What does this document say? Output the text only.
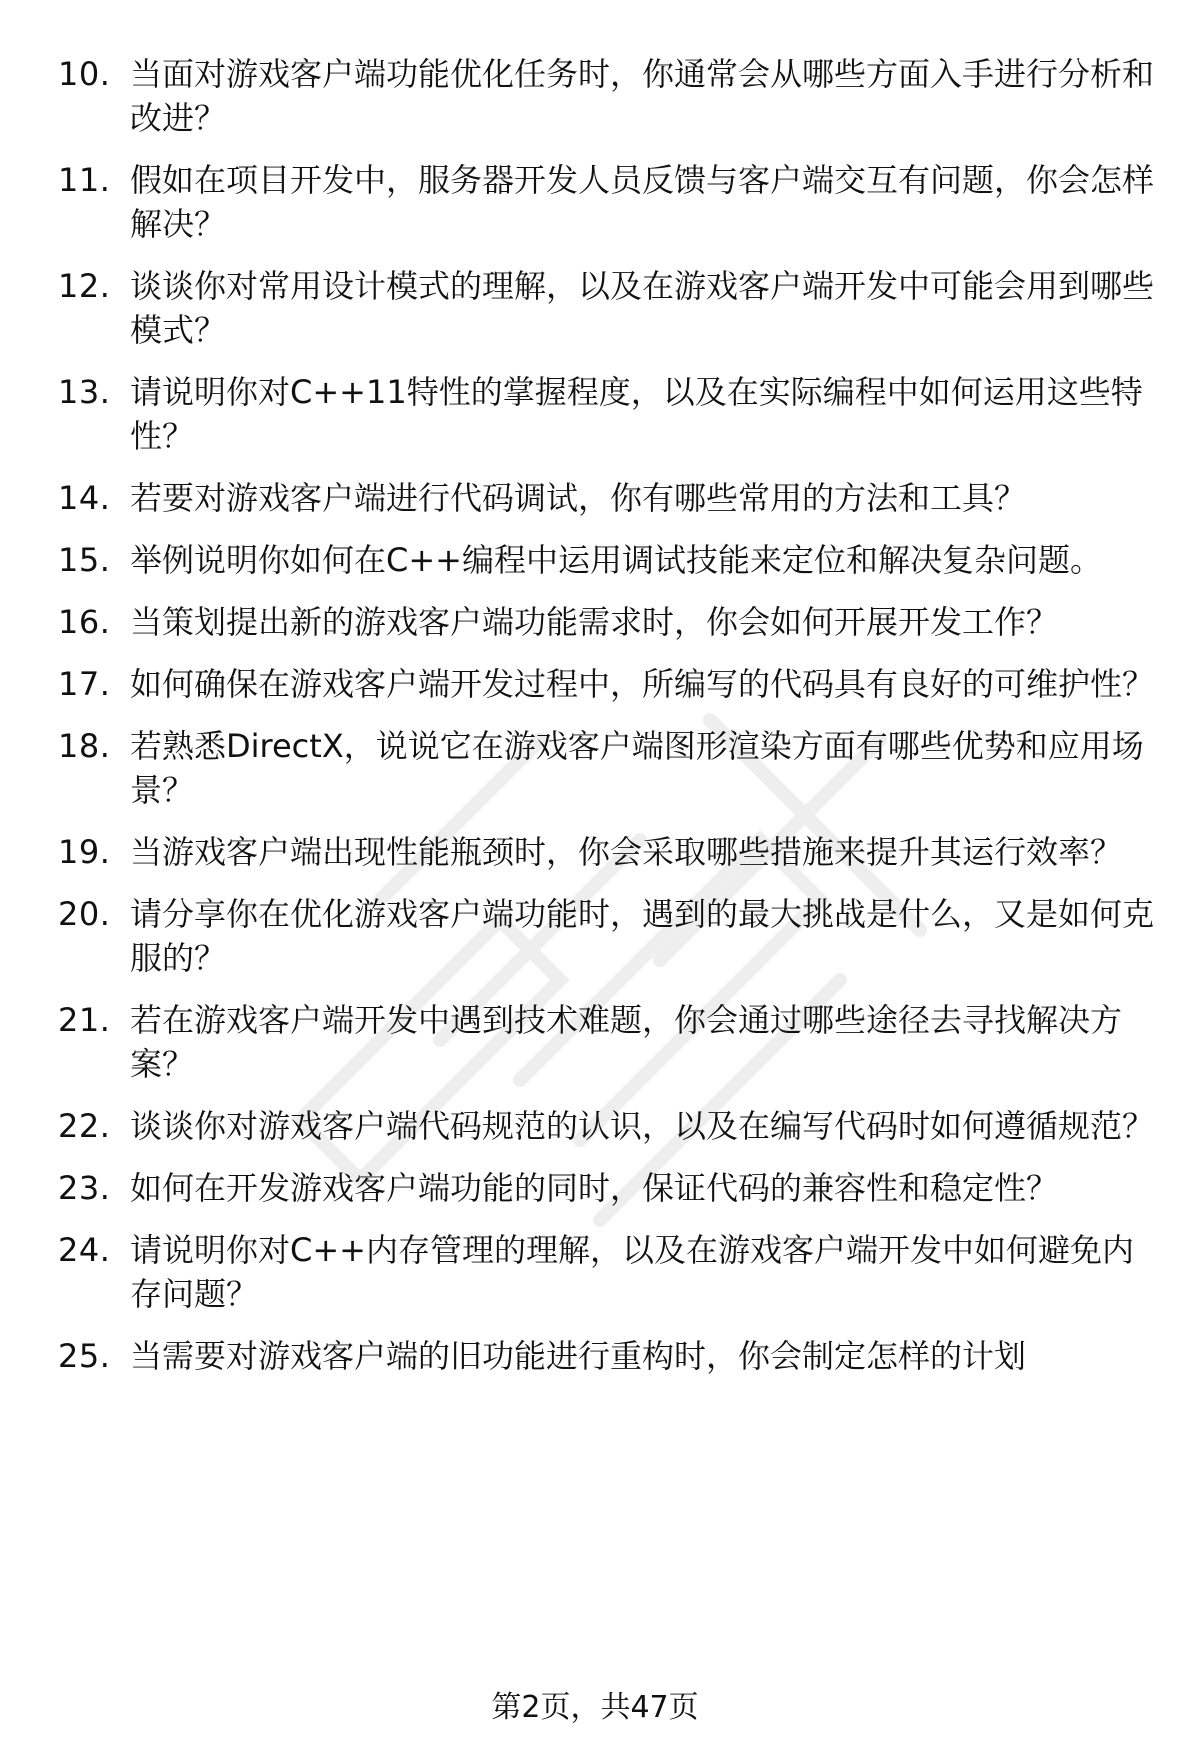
10. 当面对游戏客户端功能优化任务时，你通常会从哪些方面入手进行分析和改进？
11. 假如在项目开发中，服务器开发人员反馈与客户端交互有问题，你会怎样解决？
12. 谈谈你对常用设计模式的理解，以及在游戏客户端开发中可能会用到哪些模式？
13. 请说明你对C++11特性的掌握程度，以及在实际编程中如何运用这些特性？
14. 若要对游戏客户端进行代码调试，你有哪些常用的方法和工具？
15. 举例说明你如何在C++编程中运用调试技能来定位和解决复杂问题。
16. 当策划提出新的游戏客户端功能需求时，你会如何开展开发工作？
17. 如何确保在游戏客户端开发过程中，所编写的代码具有良好的可维护性？
18. 若熟悉DirectX，说说它在游戏客户端图形渲染方面有哪些优势和应用场景？
19. 当游戏客户端出现性能瓶颈时，你会采取哪些措施来提升其运行效率？
20. 请分享你在优化游戏客户端功能时，遇到的最大挑战是什么，又是如何克服的？
21. 若在游戏客户端开发中遇到技术难题，你会通过哪些途径去寻找解决方案？
22. 谈谈你对游戏客户端代码规范的认识，以及在编写代码时如何遵循规范？
23. 如何在开发游戏客户端功能的同时，保证代码的兼容性和稳定性？
24. 请说明你对C++内存管理的理解，以及在游戏客户端开发中如何避免内存问题？
25. 当需要对游戏客户端的旧功能进行重构时，你会制定怎样的计划
第2页，共47页
